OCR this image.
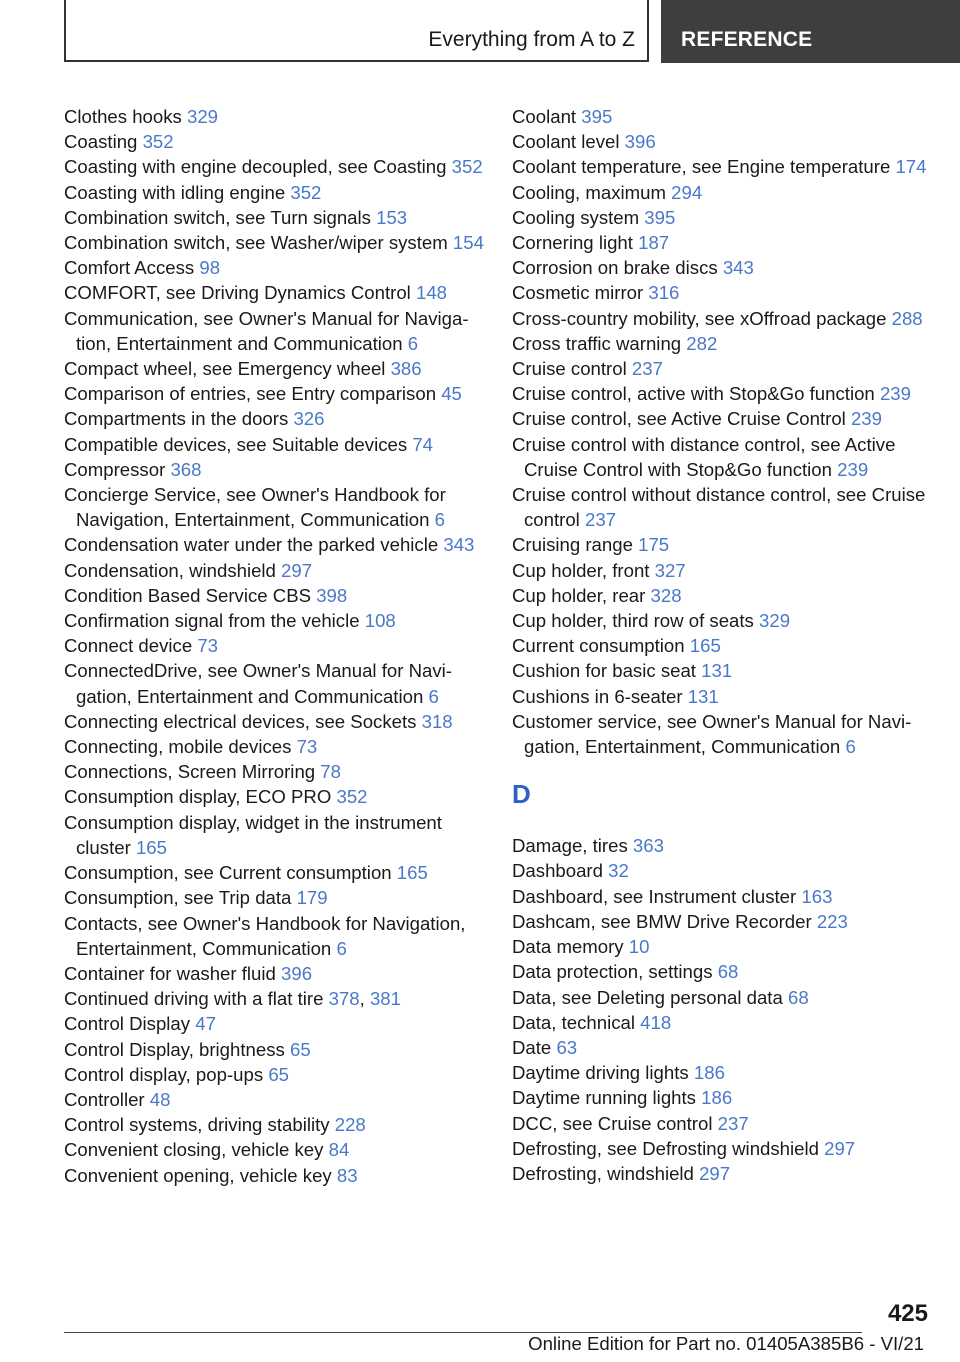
Everything from A to Z REFERENCE
Clothes hooks 329
Coasting 352
Coasting with engine decoupled, see Coasting 352
Coasting with idling engine 352
Combination switch, see Turn signals 153
Combination switch, see Washer/wiper system 154
Comfort Access 98
COMFORT, see Driving Dynamics Control 148
Communication, see Owner's Manual for Navigation, Entertainment and Communication 6
Compact wheel, see Emergency wheel 386
Comparison of entries, see Entry comparison 45
Compartments in the doors 326
Compatible devices, see Suitable devices 74
Compressor 368
Concierge Service, see Owner's Handbook for Navigation, Entertainment, Communication 6
Condensation water under the parked vehicle 343
Condensation, windshield 297
Condition Based Service CBS 398
Confirmation signal from the vehicle 108
Connect device 73
ConnectedDrive, see Owner's Manual for Navigation, Entertainment and Communication 6
Connecting electrical devices, see Sockets 318
Connecting, mobile devices 73
Connections, Screen Mirroring 78
Consumption display, ECO PRO 352
Consumption display, widget in the instrument cluster 165
Consumption, see Current consumption 165
Consumption, see Trip data 179
Contacts, see Owner's Handbook for Navigation, Entertainment, Communication 6
Container for washer fluid 396
Continued driving with a flat tire 378, 381
Control Display 47
Control Display, brightness 65
Control display, pop-ups 65
Controller 48
Control systems, driving stability 228
Convenient closing, vehicle key 84
Convenient opening, vehicle key 83
Coolant 395
Coolant level 396
Coolant temperature, see Engine temperature 174
Cooling, maximum 294
Cooling system 395
Cornering light 187
Corrosion on brake discs 343
Cosmetic mirror 316
Cross-country mobility, see xOffroad package 288
Cross traffic warning 282
Cruise control 237
Cruise control, active with Stop&Go function 239
Cruise control, see Active Cruise Control 239
Cruise control with distance control, see Active Cruise Control with Stop&Go function 239
Cruise control without distance control, see Cruise control 237
Cruising range 175
Cup holder, front 327
Cup holder, rear 328
Cup holder, third row of seats 329
Current consumption 165
Cushion for basic seat 131
Cushions in 6-seater 131
Customer service, see Owner's Manual for Navigation, Entertainment, Communication 6
D
Damage, tires 363
Dashboard 32
Dashboard, see Instrument cluster 163
Dashcam, see BMW Drive Recorder 223
Data memory 10
Data protection, settings 68
Data, see Deleting personal data 68
Data, technical 418
Date 63
Daytime driving lights 186
Daytime running lights 186
DCC, see Cruise control 237
Defrosting, see Defrosting windshield 297
Defrosting, windshield 297
425
Online Edition for Part no. 01405A385B6 - VI/21
